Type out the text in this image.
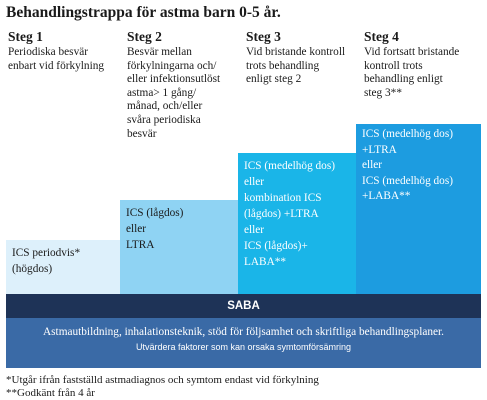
Behandlingstrappa för astma barn 0-5 år.
Steg 1	Steg 2	Steg 3	Steg 4
Periodiska besvär
enbart vid förkylning
Besvär mellan
förkylningarna och/
eller infektionsutlöst
astma> 1 gång/
månad, och/eller
svåra periodiska
besvär
Vid bristande kontroll
trots behandling
enligt steg 2
Vid fortsatt bristande
kontroll trots
behandling enligt
steg 3**
ICS periodvis*
(högdos)
ICS (lågdos)
eller
LTRA
ICS (medelhög dos)
eller
kombination ICS
(lågdos) +LTRA
eller
ICS (lågdos)+
LABA**
ICS (medelhög dos)
+LTRA
eller
ICS (medelhög dos)
+LABA**
SABA
Astmautbildning, inhalationsteknik, stöd för följsamhet och skriftliga behandlingsplaner.
Utvärdera faktorer som kan orsaka symtomförsämring
*Utgår ifrån fastställd astmadiagnos och symtom endast vid förkylning
**Godkänt från 4 år
